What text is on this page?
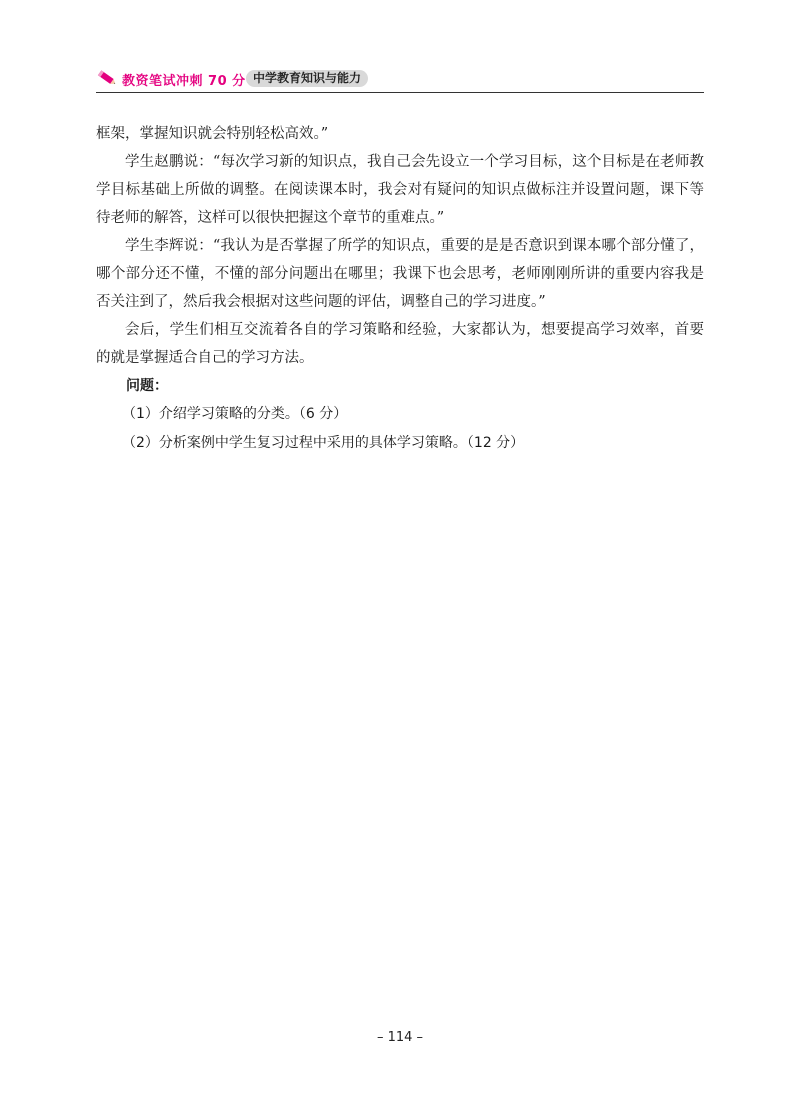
教资笔试冲刺 70 分 中学教育知识与能力

框架，掌握知识就会特别轻松高效。”

学生赵鹏说：“每次学习新的知识点，我自己会先设立一个学习目标，这个目标是在老师教学目标基础上所做的调整。在阅读课本时，我会对有疑问的知识点做标注并设置问题，课下等待老师的解答，这样可以很快把握这个章节的重难点。”

学生李辉说：“我认为是否掌握了所学的知识点，重要的是是否意识到课本哪个部分懂了，哪个部分还不懂，不懂的部分问题出在哪里；我课下也会思考，老师刚刚所讲的重要内容我是否关注到了，然后我会根据对这些问题的评估，调整自己的学习进度。”

会后，学生们相互交流着各自的学习策略和经验，大家都认为，想要提高学习效率，首要的就是掌握适合自己的学习方法。

问题：

（1）介绍学习策略的分类。（6 分）

（2）分析案例中学生复习过程中采用的具体学习策略。（12 分）

– 114 –
